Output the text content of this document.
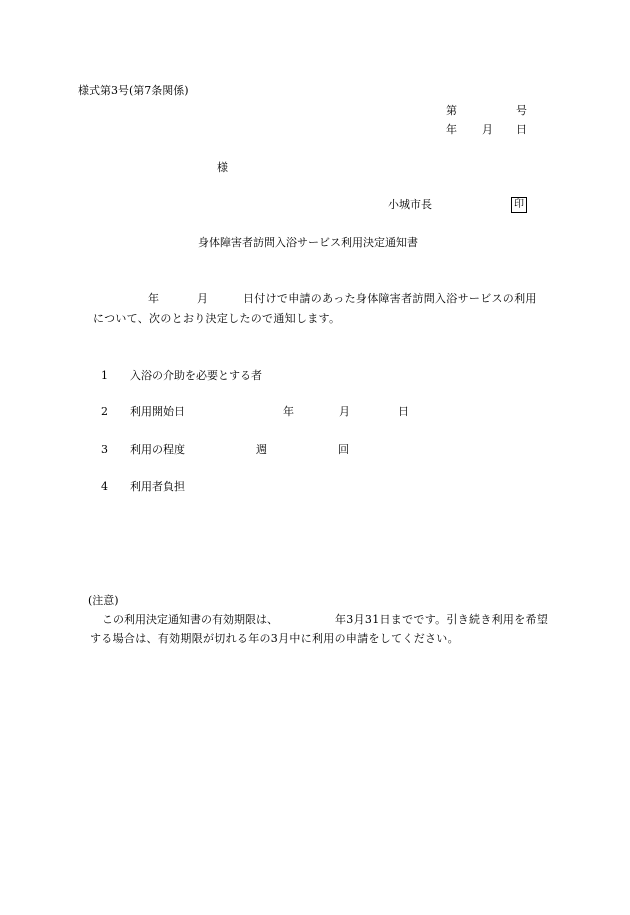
様式第3号(第7条関係)
第	号
年 月 日
様
小城市長	印
身体障害者訪問入浴サービス利用決定通知書
年	月	日付けで申請のあった身体障害者訪問入浴サービスの利用
について、次のとおり決定したので通知します。
1 入浴の介助を必要とする者
2 利用開始日	年	月	日
3 利用の程度	週	回
4 利用者負担
(注意)
この利用決定通知書の有効期限は、	年3月31日までです。引き続き利用を希望
する場合は、有効期限が切れる年の3月中に利用の申請をしてください。
